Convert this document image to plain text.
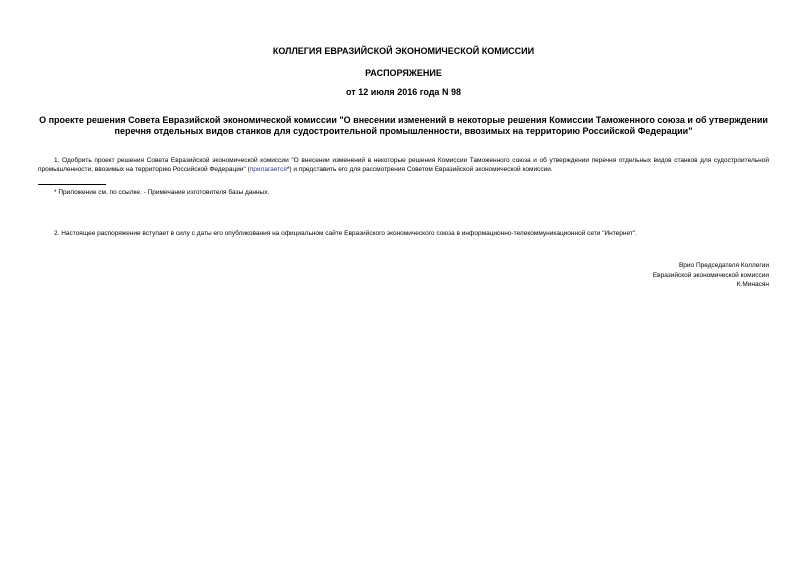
КОЛЛЕГИЯ ЕВРАЗИЙСКОЙ ЭКОНОМИЧЕСКОЙ КОМИССИИ

РАСПОРЯЖЕНИЕ

от 12 июля 2016 года N 98

О проекте решения Совета Евразийской экономической комиссии "О внесении изменений в некоторые решения Комиссии Таможенного союза и об утверждении перечня отдельных видов станков для судостроительной промышленности, ввозимых на территорию Российской Федерации"

1. Одобрить проект решения Совета Евразийской экономической комиссии "О внесении изменений в некоторые решения Комиссии Таможенного союза и об утверждении перечня отдельных видов станков для судостроительной промышленности, ввозимых на территорию Российской Федерации" (прилагается*) и представить его для рассмотрения Советом Евразийской экономической комиссии.

* Приложение см. по ссылке. - Примечание изготовителя базы данных.

2. Настоящее распоряжение вступает в силу с даты его опубликования на официальном сайте Евразийского экономического союза в информационно-телекоммуникационной сети "Интернет".

Врио Председателя Коллегии
Евразийской экономической комиссии
К.Минасян
